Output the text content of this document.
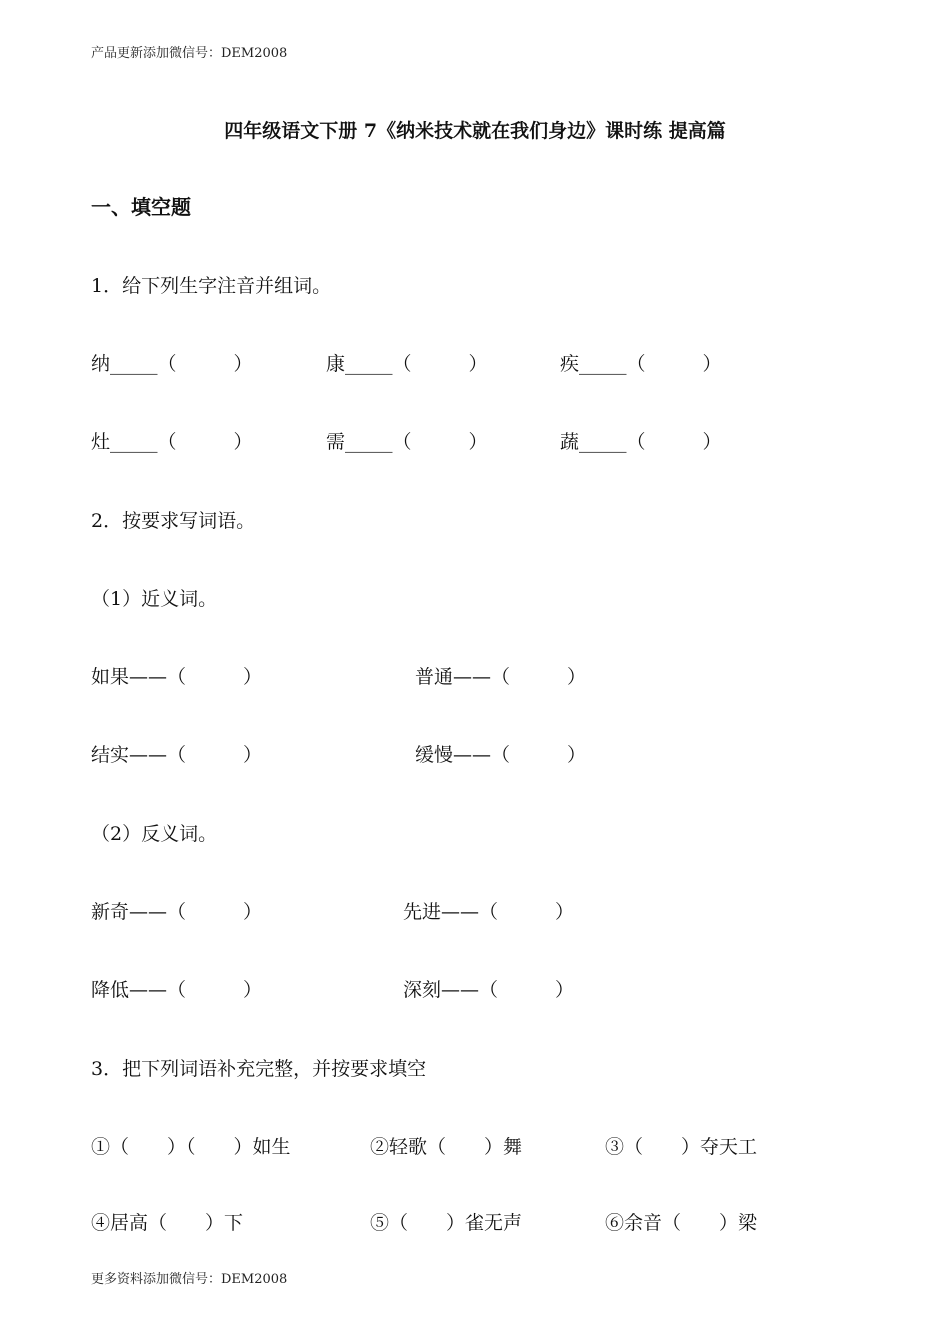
产品更新添加微信号：DEM2008
四年级语文下册 7《纳米技术就在我们身边》课时练 提高篇
一、填空题
1．给下列生字注音并组词。
纳_____（　　　）	康_____（　　　）	疾_____（　　　）
灶_____（　　　）	需_____（　　　）	蔬_____（　　　）
2．按要求写词语。
（1）近义词。
如果——（　　　）	普通——（　　　）
结实——（　　　）	缓慢——（　　　）
（2）反义词。
新奇——（　　　）	先进——（　　　）
降低——（　　　）	深刻——（　　　）
3．把下列词语补充完整，并按要求填空
①（　　）（　　）如生	②轻歌（　　）舞	③（　　）夺天工
④居高（　　）下	⑤（　　）雀无声	⑥余音（　　）梁
更多资料添加微信号：DEM2008
